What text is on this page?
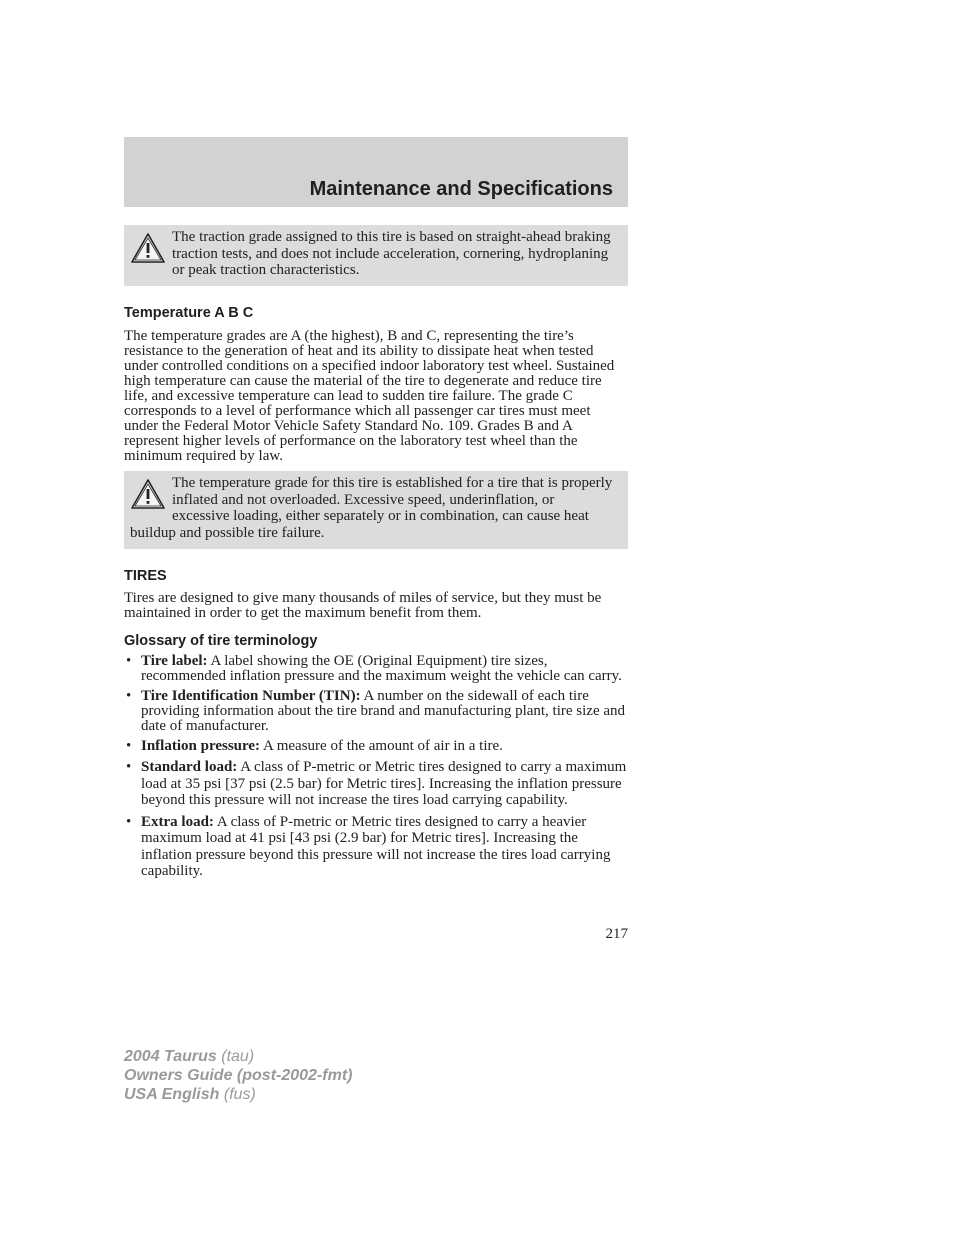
Maintenance and Specifications

The traction grade assigned to this tire is based on straight-ahead braking traction tests, and does not include acceleration, cornering, hydroplaning or peak traction characteristics.

Temperature A B C

The temperature grades are A (the highest), B and C, representing the tire’s resistance to the generation of heat and its ability to dissipate heat when tested under controlled conditions on a specified indoor laboratory test wheel. Sustained high temperature can cause the material of the tire to degenerate and reduce tire life, and excessive temperature can lead to sudden tire failure. The grade C corresponds to a level of performance which all passenger car tires must meet under the Federal Motor Vehicle Safety Standard No. 109. Grades B and A represent higher levels of performance on the laboratory test wheel than the minimum required by law.

The temperature grade for this tire is established for a tire that is properly inflated and not overloaded. Excessive speed, underinflation, or excessive loading, either separately or in combination, can cause heat buildup and possible tire failure.

TIRES

Tires are designed to give many thousands of miles of service, but they must be maintained in order to get the maximum benefit from them.

Glossary of tire terminology
• Tire label: A label showing the OE (Original Equipment) tire sizes, recommended inflation pressure and the maximum weight the vehicle can carry.
• Tire Identification Number (TIN): A number on the sidewall of each tire providing information about the tire brand and manufacturing plant, tire size and date of manufacturer.
• Inflation pressure: A measure of the amount of air in a tire.
• Standard load: A class of P-metric or Metric tires designed to carry a maximum load at 35 psi [37 psi (2.5 bar) for Metric tires]. Increasing the inflation pressure beyond this pressure will not increase the tires load carrying capability.
• Extra load: A class of P-metric or Metric tires designed to carry a heavier maximum load at 41 psi [43 psi (2.9 bar) for Metric tires]. Increasing the inflation pressure beyond this pressure will not increase the tires load carrying capability.
217
2004 Taurus (tau)
Owners Guide (post-2002-fmt)
USA English (fus)
